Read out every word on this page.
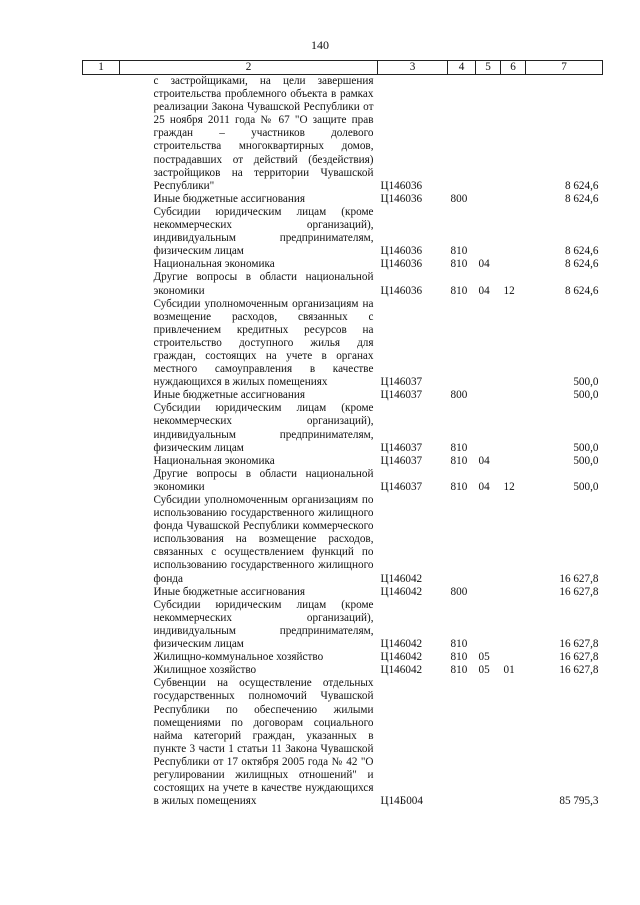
140
1	2	3	4	5	6	7
	с застройщиками, на цели завершения строительства проблемного объекта в рамках реализации Закона Чувашской Республики от 25 ноября 2011 года № 67 "О защите прав граждан – участников долевого строительства многоквартирных домов, пострадавших от действий (бездействия) застройщиков на территории Чувашской Республики"	Ц146036				8 624,6
	Иные бюджетные ассигнования	Ц146036	800			8 624,6
	Субсидии юридическим лицам (кроме некоммерческих организаций), индивидуальным предпринимателям, физическим лицам	Ц146036	810			8 624,6
	Национальная экономика	Ц146036	810	04		8 624,6
	Другие вопросы в области национальной экономики	Ц146036	810	04	12	8 624,6
	Субсидии уполномоченным организациям на возмещение расходов, связанных с привлечением кредитных ресурсов на строительство доступного жилья для граждан, состоящих на учете в органах местного самоуправления в качестве нуждающихся в жилых помещениях	Ц146037				500,0
	Иные бюджетные ассигнования	Ц146037	800			500,0
	Субсидии юридическим лицам (кроме некоммерческих организаций), индивидуальным предпринимателям, физическим лицам	Ц146037	810			500,0
	Национальная экономика	Ц146037	810	04		500,0
	Другие вопросы в области национальной экономики	Ц146037	810	04	12	500,0
	Субсидии уполномоченным организациям по использованию государственного жилищного фонда Чувашской Республики коммерческого использования на возмещение расходов, связанных с осуществлением функций по использованию государственного жилищного фонда	Ц146042				16 627,8
	Иные бюджетные ассигнования	Ц146042	800			16 627,8
	Субсидии юридическим лицам (кроме некоммерческих организаций), индивидуальным предпринимателям, физическим лицам	Ц146042	810			16 627,8
	Жилищно-коммунальное хозяйство	Ц146042	810	05		16 627,8
	Жилищное хозяйство	Ц146042	810	05	01	16 627,8
	Субвенции на осуществление отдельных государственных полномочий Чувашской Республики по обеспечению жилыми помещениями по договорам социального найма категорий граждан, указанных в пункте 3 части 1 статьи 11 Закона Чувашской Республики от 17 октября 2005 года № 42 "О регулировании жилищных отношений" и состоящих на учете в качестве нуждающихся в жилых помещениях	Ц14Б004				85 795,3
